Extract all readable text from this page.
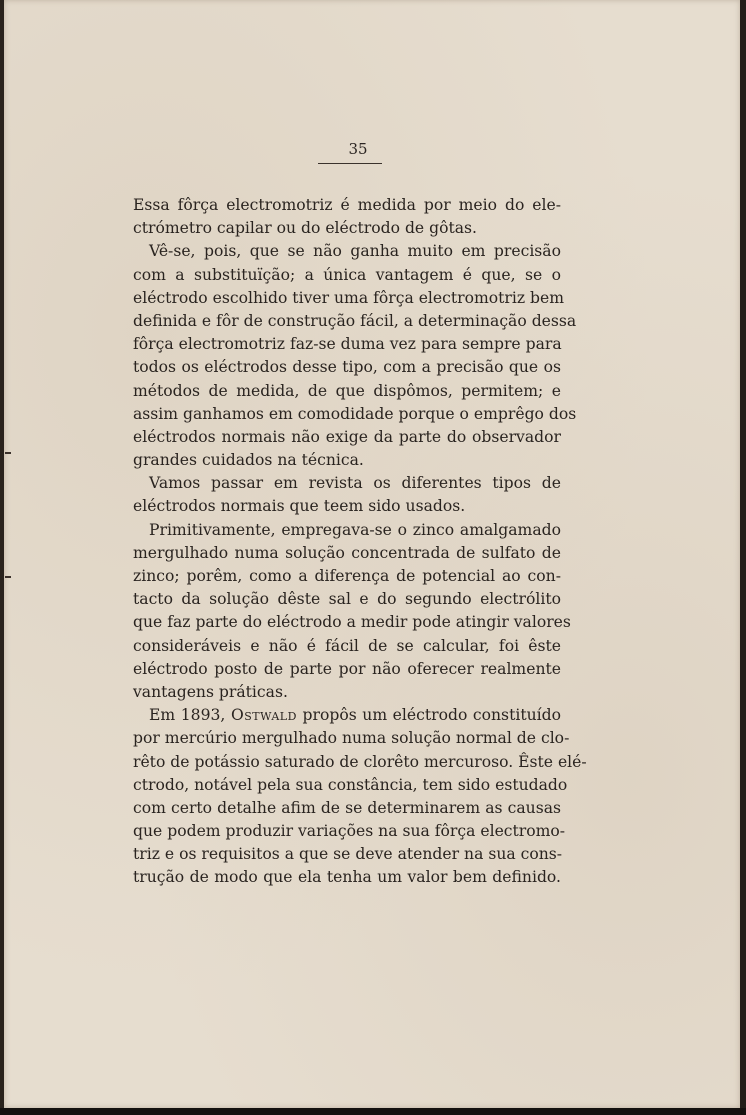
35
Essa fôrça electromotriz é medida por meio do ele-
ctrómetro capilar ou do eléctrodo de gôtas.
Vê-se, pois, que se não ganha muito em precisão
com a substituïção; a única vantagem é que, se o
eléctrodo escolhido tiver uma fôrça electromotriz bem
definida e fôr de construção fácil, a determinação dessa
fôrça electromotriz faz-se duma vez para sempre para
todos os eléctrodos desse tipo, com a precisão que os
métodos de medida, de que dispômos, permitem; e
assim ganhamos em comodidade porque o emprêgo dos
eléctrodos normais não exige da parte do observador
grandes cuidados na técnica.
Vamos passar em revista os diferentes tipos de
eléctrodos normais que teem sido usados.
Primitivamente, empregava-se o zinco amalgamado
mergulhado numa solução concentrada de sulfato de
zinco; porêm, como a diferença de potencial ao con-
tacto da solução dêste sal e do segundo electrólito
que faz parte do eléctrodo a medir pode atingir valores
consideráveis e não é fácil de se calcular, foi êste
eléctrodo posto de parte por não oferecer realmente
vantagens práticas.
Em 1893, Ostwald propôs um eléctrodo constituído
por mercúrio mergulhado numa solução normal de clo-
rêto de potássio saturado de clorêto mercuroso. Êste elé-
ctrodo, notável pela sua constância, tem sido estudado
com certo detalhe afim de se determinarem as causas
que podem produzir variações na sua fôrça electromo-
triz e os requisitos a que se deve atender na sua cons-
trução de modo que ela tenha um valor bem definido.
